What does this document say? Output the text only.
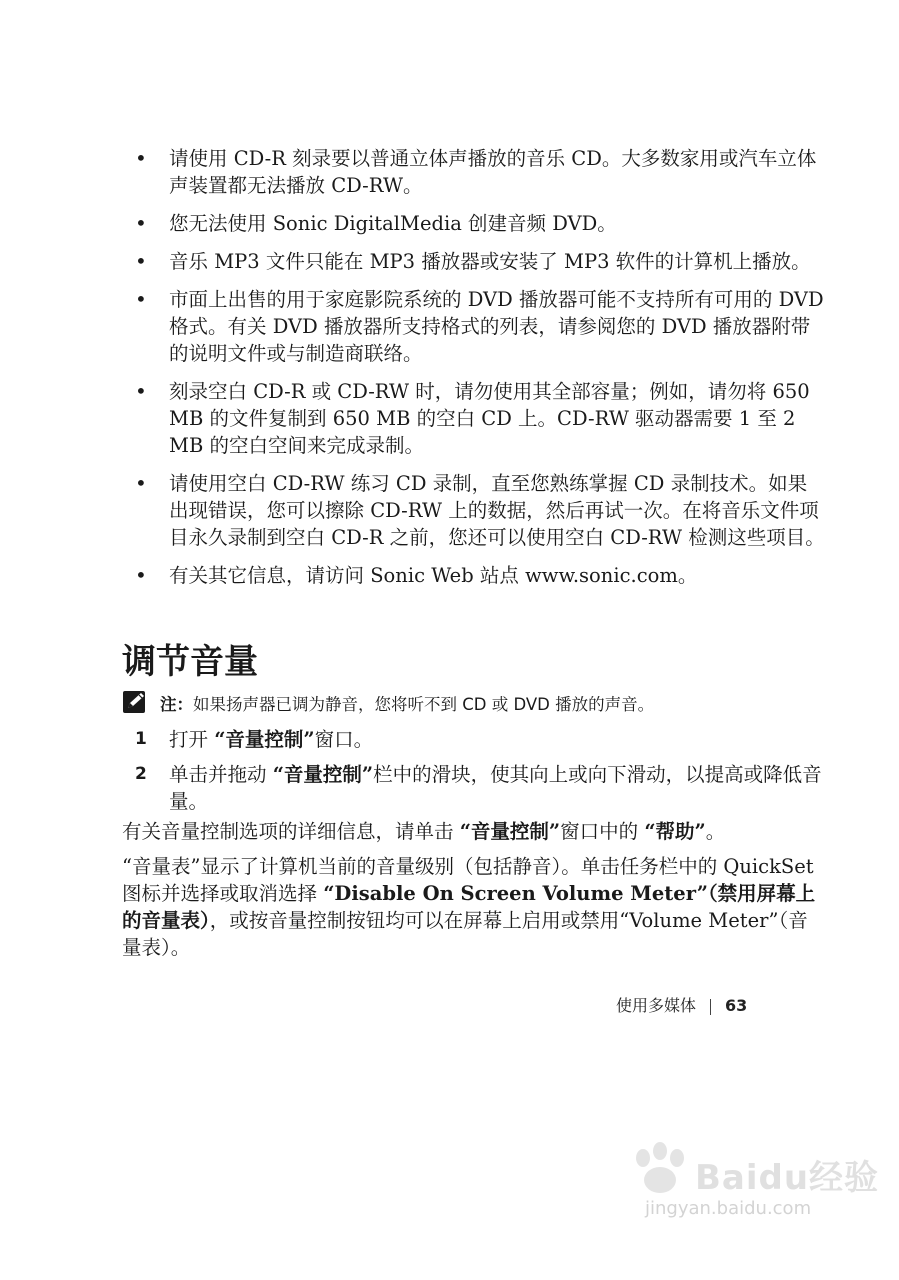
• 请使用 CD-R 刻录要以普通立体声播放的音乐 CD。大多数家用或汽车立体声装置都无法播放 CD-RW。
• 您无法使用 Sonic DigitalMedia 创建音频 DVD。
• 音乐 MP3 文件只能在 MP3 播放器或安装了 MP3 软件的计算机上播放。
• 市面上出售的用于家庭影院系统的 DVD 播放器可能不支持所有可用的 DVD 格式。有关 DVD 播放器所支持格式的列表，请参阅您的 DVD 播放器附带的说明文件或与制造商联络。
• 刻录空白 CD-R 或 CD-RW 时，请勿使用其全部容量；例如，请勿将 650 MB 的文件复制到 650 MB 的空白 CD 上。CD-RW 驱动器需要 1 至 2 MB 的空白空间来完成录制。
• 请使用空白 CD-RW 练习 CD 录制，直至您熟练掌握 CD 录制技术。如果出现错误，您可以擦除 CD-RW 上的数据，然后再试一次。在将音乐文件项目永久录制到空白 CD-R 之前，您还可以使用空白 CD-RW 检测这些项目。
• 有关其它信息，请访问 Sonic Web 站点 www.sonic.com。
调节音量
注：如果扬声器已调为静音，您将听不到 CD 或 DVD 播放的声音。
1 打开 “音量控制”窗口。
2 单击并拖动 “音量控制”栏中的滑块，使其向上或向下滑动，以提高或降低音量。

有关音量控制选项的详细信息，请单击 “音量控制”窗口中的 “帮助”。

“音量表”显示了计算机当前的音量级别（包括静音）。单击任务栏中的 QuickSet 图标并选择或取消选择 “Disable On Screen Volume Meter”（禁用屏幕上的音量表），或按音量控制按钮均可以在屏幕上启用或禁用“Volume Meter”（音量表）。

使用多媒体 63
Baidu经验
jingyan.baidu.com
